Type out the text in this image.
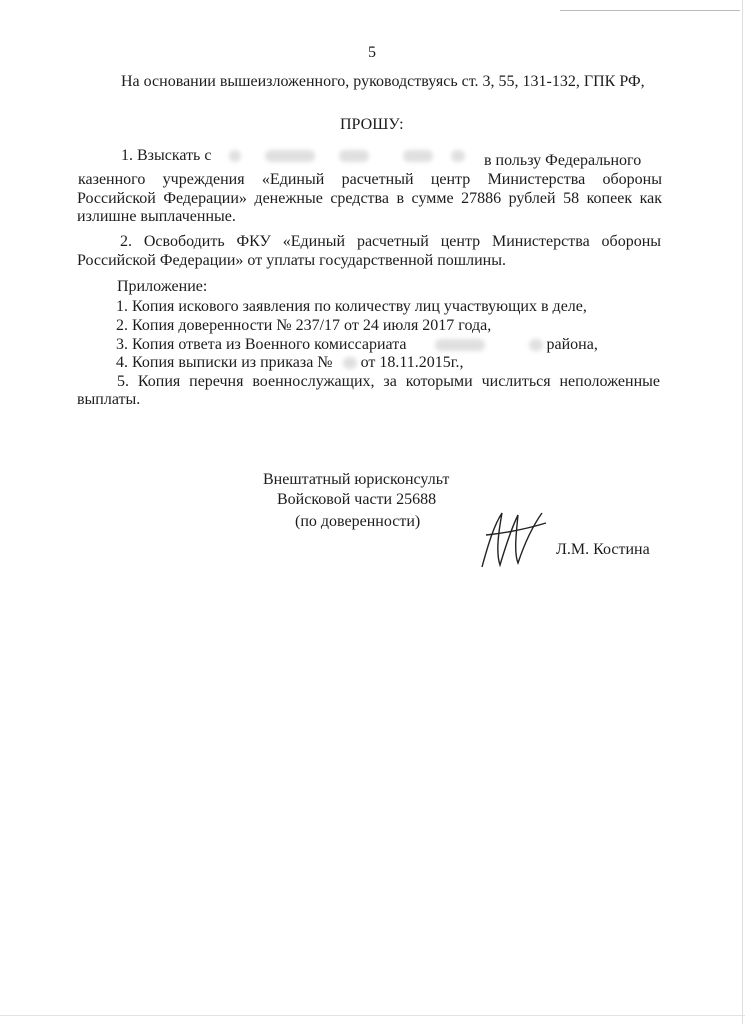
5
На основании вышеизложенного, руководствуясь ст. 3, 55, 131-132, ГПК РФ,
ПРОШУ:
1. Взыскать с	в пользу Федерального
казенного учреждения «Единый расчетный центр Министерства обороны
Российской Федерации» денежные средства в сумме 27886 рублей 58 копеек как
излишне выплаченные.
2. Освободить ФКУ «Единый расчетный центр Министерства обороны
Российской Федерации» от уплаты государственной пошлины.
Приложение:
1. Копия искового заявления по количеству лиц участвующих в деле,
2. Копия доверенности № 237/17 от 24 июля 2017 года,
3. Копия ответа из Военного комиссариата	района,
4. Копия выписки из приказа № от 18.11.2015г.,
5. Копия перечня военнослужащих, за которыми числиться неположенные
выплаты.
Внештатный юрисконсульт
Войсковой части 25688
(по доверенности)
Л.М. Костина
